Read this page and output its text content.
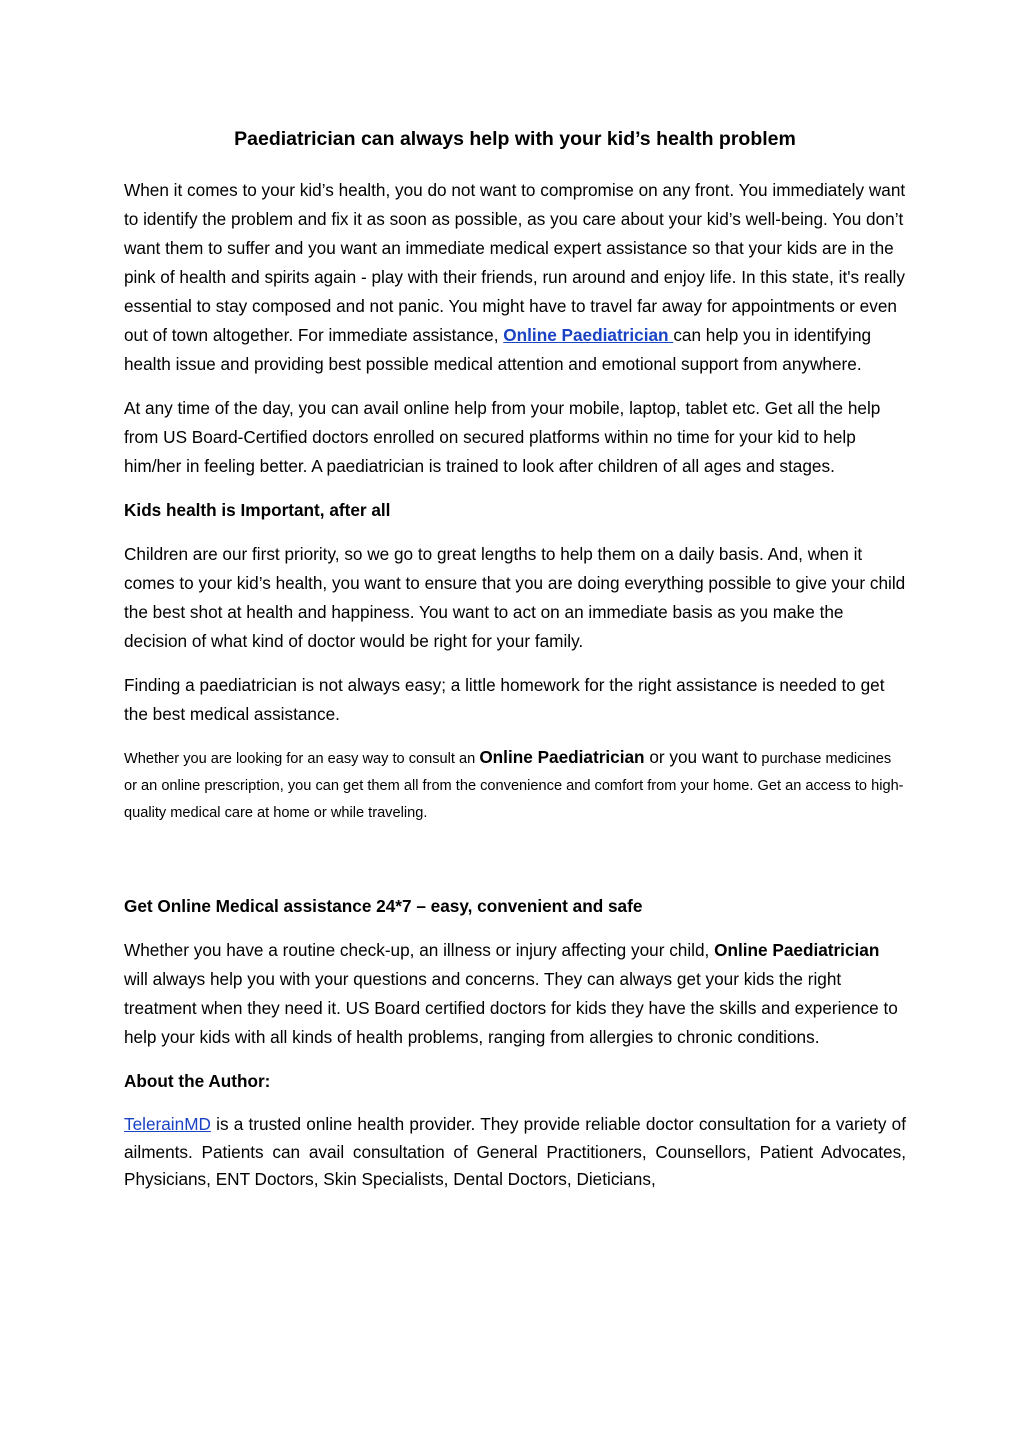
Paediatrician can always help with your kid’s health problem

When it comes to your kid’s health, you do not want to compromise on any front. You immediately want to identify the problem and fix it as soon as possible, as you care about your kid’s well-being. You don’t want them to suffer and you want an immediate medical expert assistance so that your kids are in the pink of health and spirits again - play with their friends, run around and enjoy life. In this state, it's really essential to stay composed and not panic. You might have to travel far away for appointments or even out of town altogether. For immediate assistance, Online Paediatrician can help you in identifying health issue and providing best possible medical attention and emotional support from anywhere.

At any time of the day, you can avail online help from your mobile, laptop, tablet etc. Get all the help from US Board-Certified doctors enrolled on secured platforms within no time for your kid to help him/her in feeling better. A paediatrician is trained to look after children of all ages and stages.

Kids health is Important, after all

Children are our first priority, so we go to great lengths to help them on a daily basis. And, when it comes to your kid’s health, you want to ensure that you are doing everything possible to give your child the best shot at health and happiness. You want to act on an immediate basis as you make the decision of what kind of doctor would be right for your family.

Finding a paediatrician is not always easy; a little homework for the right assistance is needed to get the best medical assistance.

Whether you are looking for an easy way to consult an Online Paediatrician or you want to purchase medicines or an online prescription, you can get them all from the convenience and comfort from your home. Get an access to high-quality medical care at home or while traveling.

Get Online Medical assistance 24*7 – easy, convenient and safe

Whether you have a routine check-up, an illness or injury affecting your child, Online Paediatrician will always help you with your questions and concerns. They can always get your kids the right treatment when they need it. US Board certified doctors for kids they have the skills and experience to help your kids with all kinds of health problems, ranging from allergies to chronic conditions.

About the Author:

TelerainMD is a trusted online health provider. They provide reliable doctor consultation for a variety of ailments. Patients can avail consultation of General Practitioners, Counsellors, Patient Advocates, Physicians, ENT Doctors, Skin Specialists, Dental Doctors, Dieticians,
